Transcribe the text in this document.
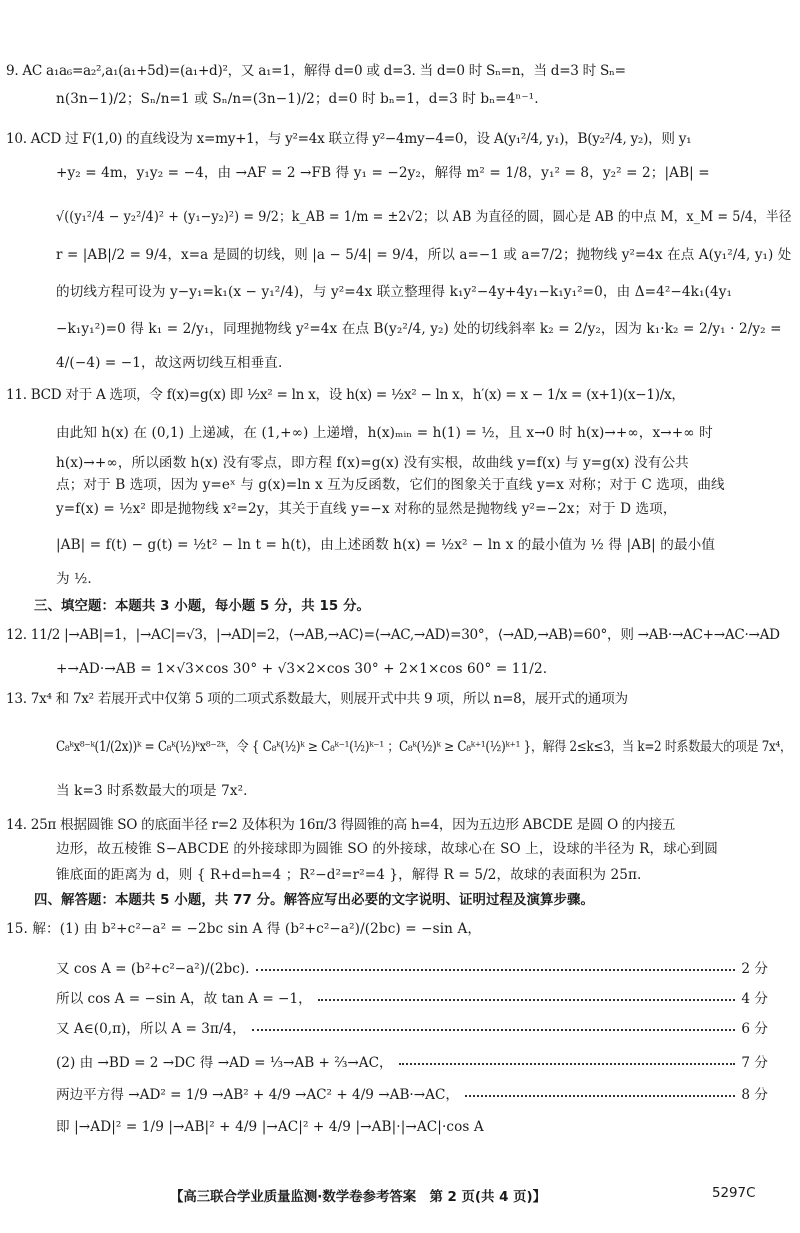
9. AC a₁a₆=a₂²,a₁(a₁+5d)=(a₁+d)²，又 a₁=1，解得 d=0 或 d=3. 当 d=0 时 Sₙ=n，当 d=3 时 Sₙ=
n(3n−1)/2；Sₙ/n=1 或 Sₙ/n=(3n−1)/2；d=0 时 bₙ=1，d=3 时 bₙ=4ⁿ⁻¹.
10. ACD 过 F(1,0) 的直线设为 x=my+1，与 y²=4x 联立得 y²−4my−4=0，设 A(y₁²/4, y₁)，B(y₂²/4, y₂)，则 y₁
+y₂ = 4m，y₁y₂ = −4，由 →AF = 2 →FB 得 y₁ = −2y₂，解得 m² = 1/8，y₁² = 8，y₂² = 2；|AB| =
√((y₁²/4 − y₂²/4)² + (y₁−y₂)²) = 9/2；k_AB = 1/m = ±2√2；以 AB 为直径的圆，圆心是 AB 的中点 M，x_M = 5/4，半径
r = |AB|/2 = 9/4，x=a 是圆的切线，则 |a − 5/4| = 9/4，所以 a=−1 或 a=7/2；抛物线 y²=4x 在点 A(y₁²/4, y₁) 处
的切线方程可设为 y−y₁=k₁(x − y₁²/4)，与 y²=4x 联立整理得 k₁y²−4y+4y₁−k₁y₁²=0，由 Δ=4²−4k₁(4y₁
−k₁y₁²)=0 得 k₁ = 2/y₁，同理抛物线 y²=4x 在点 B(y₂²/4, y₂) 处的切线斜率 k₂ = 2/y₂，因为 k₁·k₂ = 2/y₁ · 2/y₂ =
4/(−4) = −1，故这两切线互相垂直.
11. BCD 对于 A 选项，令 f(x)=g(x) 即 ½x² = ln x，设 h(x) = ½x² − ln x，h′(x) = x − 1/x = (x+1)(x−1)/x，
由此知 h(x) 在 (0,1) 上递减，在 (1,+∞) 上递增，h(x)ₘᵢₙ = h(1) = ½，且 x→0 时 h(x)→+∞，x→+∞ 时
h(x)→+∞，所以函数 h(x) 没有零点，即方程 f(x)=g(x) 没有实根，故曲线 y=f(x) 与 y=g(x) 没有公共
点；对于 B 选项，因为 y=eˣ 与 g(x)=ln x 互为反函数，它们的图象关于直线 y=x 对称；对于 C 选项，曲线
y=f(x) = ½x² 即是抛物线 x²=2y，其关于直线 y=−x 对称的显然是抛物线 y²=−2x；对于 D 选项，
|AB| = f(t) − g(t) = ½t² − ln t = h(t)，由上述函数 h(x) = ½x² − ln x 的最小值为 ½ 得 |AB| 的最小值
为 ½.
三、填空题：本题共 3 小题，每小题 5 分，共 15 分。
12. 11/2 |→AB|=1，|→AC|=√3，|→AD|=2，⟨→AB,→AC⟩=⟨→AC,→AD⟩=30°，⟨→AD,→AB⟩=60°，则 →AB·→AC+→AC·→AD
+→AD·→AB = 1×√3×cos 30° + √3×2×cos 30° + 2×1×cos 60° = 11/2.
13. 7x⁴ 和 7x² 若展开式中仅第 5 项的二项式系数最大，则展开式中共 9 项，所以 n=8，展开式的通项为
C₈ᵏx⁸⁻ᵏ(1/(2x))ᵏ = C₈ᵏ(½)ᵏx⁸⁻²ᵏ，令 { C₈ᵏ(½)ᵏ ≥ C₈ᵏ⁻¹(½)ᵏ⁻¹ ；C₈ᵏ(½)ᵏ ≥ C₈ᵏ⁺¹(½)ᵏ⁺¹ }，解得 2≤k≤3，当 k=2 时系数最大的项是 7x⁴，
当 k=3 时系数最大的项是 7x².
14. 25π 根据圆锥 SO 的底面半径 r=2 及体积为 16π/3 得圆锥的高 h=4，因为五边形 ABCDE 是圆 O 的内接五
边形，故五棱锥 S−ABCDE 的外接球即为圆锥 SO 的外接球，故球心在 SO 上，设球的半径为 R，球心到圆
锥底面的距离为 d，则 { R+d=h=4 ；R²−d²=r²=4 }，解得 R = 5/2，故球的表面积为 25π.
四、解答题：本题共 5 小题，共 77 分。解答应写出必要的文字说明、证明过程及演算步骤。
15. 解：(1) 由 b²+c²−a² = −2bc sin A 得 (b²+c²−a²)/(2bc) = −sin A，
又 cos A = (b²+c²−a²)/(2bc).	2 分
所以 cos A = −sin A，故 tan A = −1，	4 分
又 A∈(0,π)，所以 A = 3π/4，	6 分
(2) 由 →BD = 2 →DC 得 →AD = ⅓→AB + ⅔→AC，	7 分
两边平方得 →AD² = 1/9 →AB² + 4/9 →AC² + 4/9 →AB·→AC，	8 分
即 |→AD|² = 1/9 |→AB|² + 4/9 |→AC|² + 4/9 |→AB|·|→AC|·cos A
【高三联合学业质量监测·数学卷参考答案　第 2 页(共 4 页)】	5297C
